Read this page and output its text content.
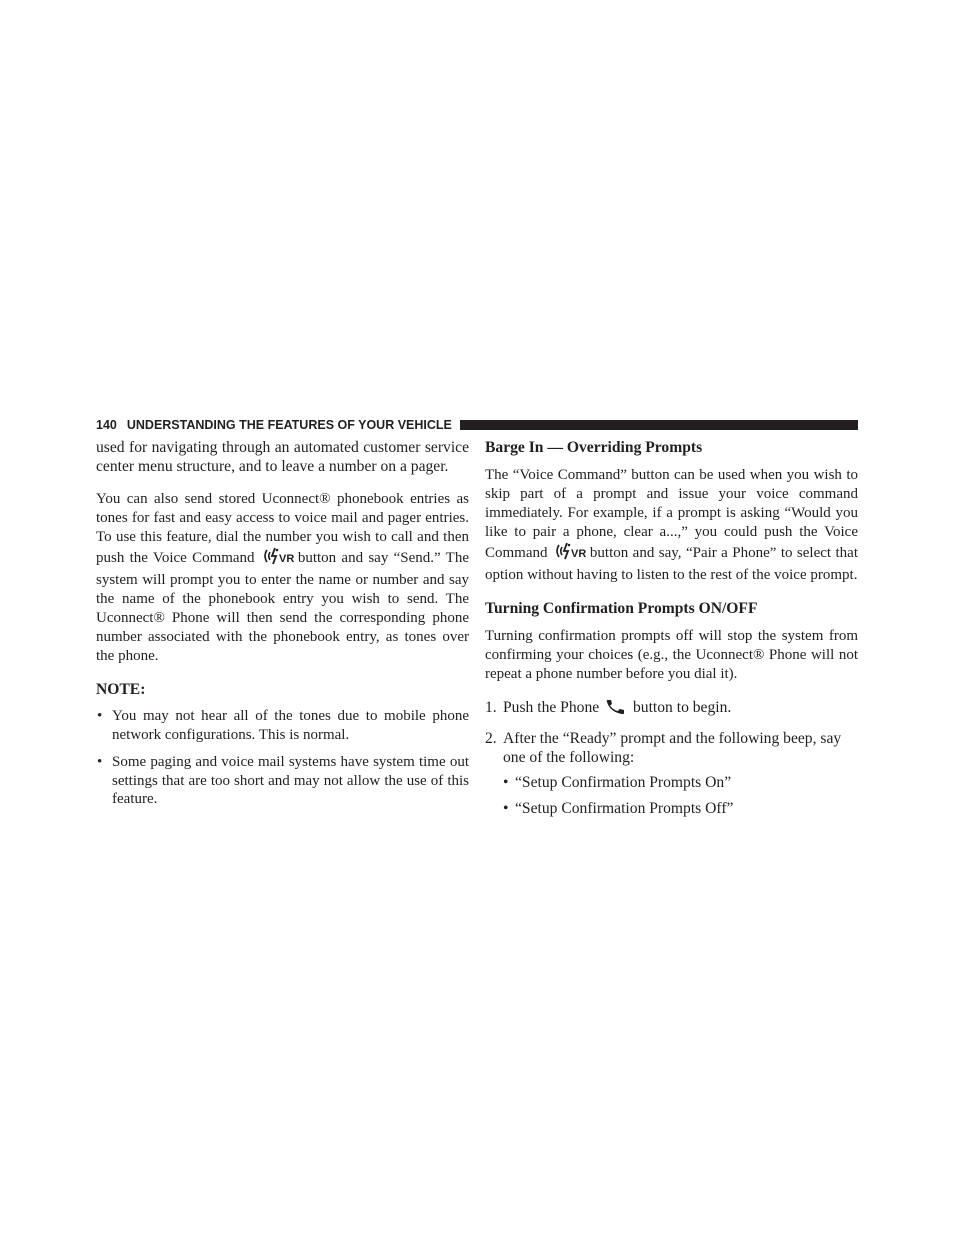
140 UNDERSTANDING THE FEATURES OF YOUR VEHICLE

used for navigating through an automated customer service center menu structure, and to leave a number on a pager.

You can also send stored Uconnect® phonebook entries as tones for fast and easy access to voice mail and pager entries. To use this feature, dial the number you wish to call and then push the Voice Command VR button and say “Send.” The system will prompt you to enter the name or number and say the name of the phonebook entry you wish to send. The Uconnect® Phone will then send the corresponding phone number associated with the phonebook entry, as tones over the phone.

NOTE:
• You may not hear all of the tones due to mobile phone network configurations. This is normal.
• Some paging and voice mail systems have system time out settings that are too short and may not allow the use of this feature.
Barge In — Overriding Prompts

The “Voice Command” button can be used when you wish to skip part of a prompt and issue your voice command immediately. For example, if a prompt is asking “Would you like to pair a phone, clear a...,” you could push the Voice Command VR button and say, “Pair a Phone” to select that option without having to listen to the rest of the voice prompt.

Turning Confirmation Prompts ON/OFF

Turning confirmation prompts off will stop the system from confirming your choices (e.g., the Uconnect® Phone will not repeat a phone number before you dial it).

1. Push the Phone button to begin.
2. After the “Ready” prompt and the following beep, say one of the following:
• “Setup Confirmation Prompts On”
• “Setup Confirmation Prompts Off”
